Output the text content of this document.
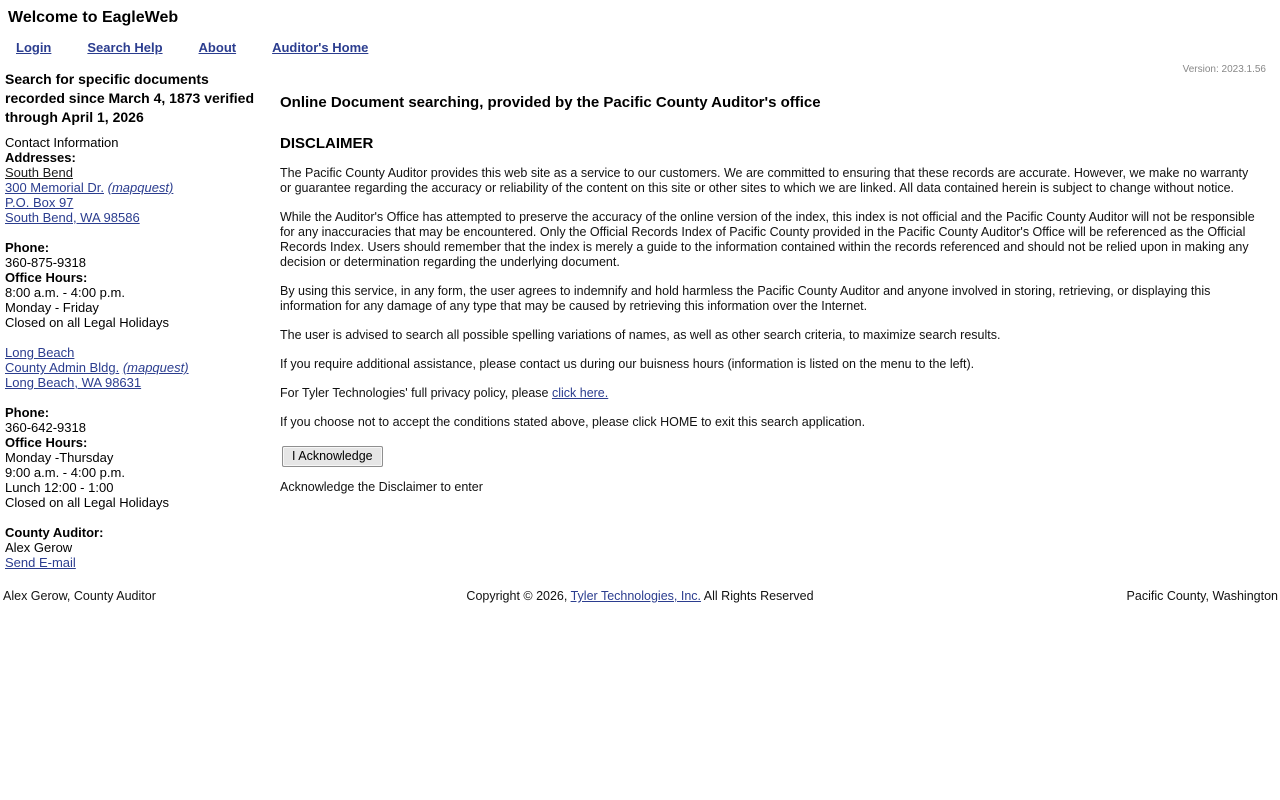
Welcome to EagleWeb
Login	Search Help	About	Auditor's Home
Search for specific documents recorded since March 4, 1873 verified through April 1, 2026
Contact Information
Addresses:
South Bend
300 Memorial Dr. (mapquest)
P.O. Box 97
South Bend, WA 98586
Phone:
360-875-9318
Office Hours:
8:00 a.m. - 4:00 p.m.
Monday - Friday
Closed on all Legal Holidays
Long Beach
County Admin Bldg. (mapquest)
Long Beach, WA 98631
Phone:
360-642-9318
Office Hours:
Monday -Thursday
9:00 a.m. - 4:00 p.m.
Lunch 12:00 - 1:00
Closed on all Legal Holidays
County Auditor:
Alex Gerow
Send E-mail
Version: 2023.1.56
Online Document searching, provided by the Pacific County Auditor's office
DISCLAIMER

The Pacific County Auditor provides this web site as a service to our customers. We are committed to ensuring that these records are accurate. However, we make no warranty or guarantee regarding the accuracy or reliability of the content on this site or other sites to which we are linked. All data contained herein is subject to change without notice.

While the Auditor's Office has attempted to preserve the accuracy of the online version of the index, this index is not official and the Pacific County Auditor will not be responsible for any inaccuracies that may be encountered. Only the Official Records Index of Pacific County provided in the Pacific County Auditor's Office will be referenced as the Official Records Index. Users should remember that the index is merely a guide to the information contained within the records referenced and should not be relied upon in making any decision or determination regarding the underlying document.

By using this service, in any form, the user agrees to indemnify and hold harmless the Pacific County Auditor and anyone involved in storing, retrieving, or displaying this information for any damage of any type that may be caused by retrieving this information over the Internet.

The user is advised to search all possible spelling variations of names, as well as other search criteria, to maximize search results.

If you require additional assistance, please contact us during our buisness hours (information is listed on the menu to the left).

For Tyler Technologies' full privacy policy, please click here.

If you choose not to accept the conditions stated above, please click HOME to exit this search application.

I Acknowledge

Acknowledge the Disclaimer to enter

Alex Gerow, County Auditor	Copyright © 2026, Tyler Technologies, Inc. All Rights Reserved	Pacific County, Washington
